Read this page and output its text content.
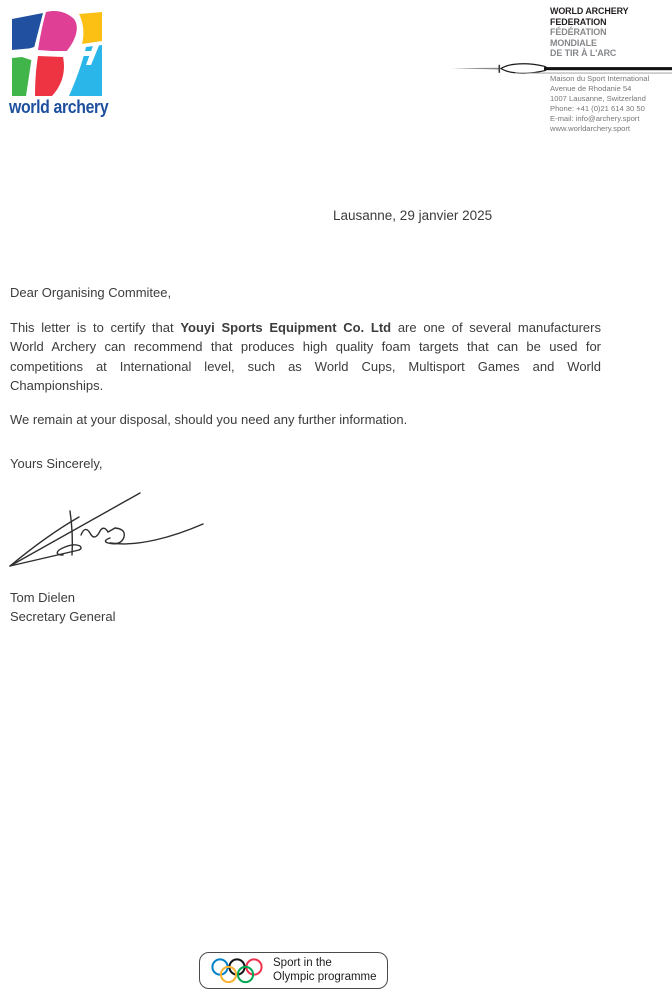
world archery
WORLD ARCHERY
FEDERATION
FÉDÉRATION
MONDIALE
DE TIR À L'ARC
Maison du Sport International
Avenue de Rhodanie 54
1007 Lausanne, Switzerland
Phone: +41 (0)21 614 30 50
E-mail: info@archery.sport
www.worldarchery.sport
Lausanne, 29 janvier 2025
Dear Organising Commitee,
This letter is to certify that Youyi Sports Equipment Co. Ltd are one of several manufacturers
World Archery can recommend that produces high quality foam targets that can be used for
competitions at International level, such as World Cups, Multisport Games and World
Championships.
We remain at your disposal, should you need any further information.
Yours Sincerely,
Tom Dielen
Secretary General
Sport in the
Olympic programme
